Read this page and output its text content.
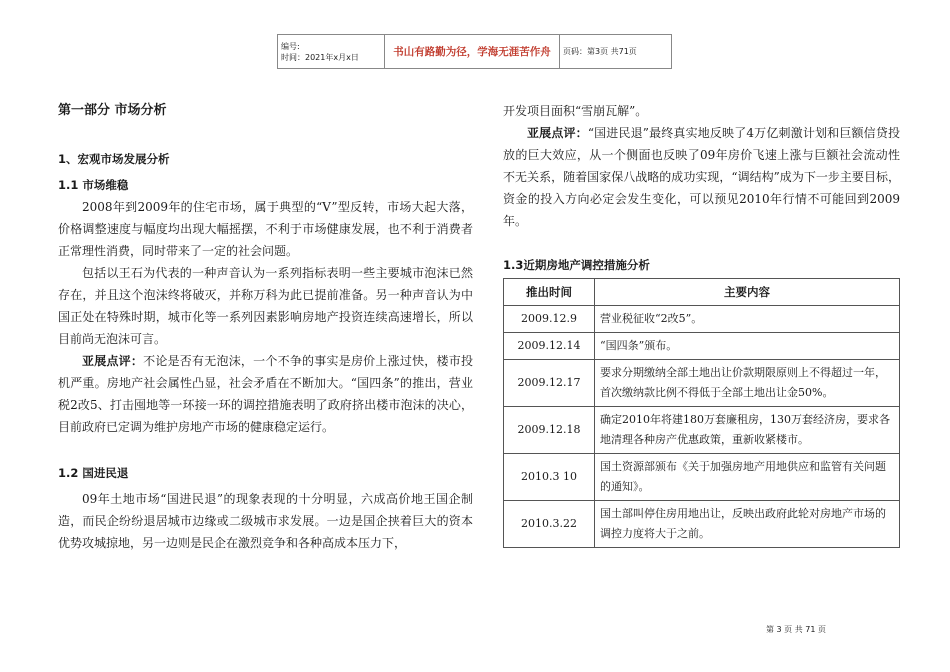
编号:
时间：2021年x月x日	书山有路勤为径，学海无涯苦作舟	页码：第3页 共71页

第一部分 市场分析

1、宏观市场发展分析

1.1 市场维稳

2008年到2009年的住宅市场，属于典型的“V”型反转，市场大起大落，价格调整速度与幅度均出现大幅摇摆，不利于市场健康发展，也不利于消费者正常理性消费，同时带来了一定的社会问题。

包括以王石为代表的一种声音认为一系列指标表明一些主要城市泡沫已然存在，并且这个泡沫终将破灭，并称万科为此已提前准备。另一种声音认为中国正处在特殊时期，城市化等一系列因素影响房地产投资连续高速增长，所以目前尚无泡沫可言。

亚展点评：不论是否有无泡沫，一个不争的事实是房价上涨过快，楼市投机严重。房地产社会属性凸显，社会矛盾在不断加大。“国四条”的推出，营业税2改5、打击囤地等一环接一环的调控措施表明了政府挤出楼市泡沫的决心，目前政府已定调为维护房地产市场的健康稳定运行。

1.2 国进民退

09年土地市场“国进民退”的现象表现的十分明显，六成高价地王国企制造，而民企纷纷退居城市边缘或二级城市求发展。一边是国企挟着巨大的资本优势攻城掠地，另一边则是民企在激烈竞争和各种高成本压力下，

开发项目面积“雪崩瓦解”。

亚展点评：“国进民退”最终真实地反映了4万亿刺激计划和巨额信贷投放的巨大效应，从一个侧面也反映了09年房价飞速上涨与巨额社会流动性不无关系，随着国家保八战略的成功实现，“调结构”成为下一步主要目标，资金的投入方向必定会发生变化，可以预见2010年行情不可能回到2009年。

1.3近期房地产调控措施分析

推出时间	主要内容
2009.12.9	营业税征收“2改5”。
2009.12.14	“国四条”颁布。
2009.12.17	要求分期缴纳全部土地出让价款期限原则上不得超过一年，首次缴纳款比例不得低于全部土地出让金50%。
2009.12.18	确定2010年将建180万套廉租房，130万套经济房，要求各地清理各种房产优惠政策，重新收紧楼市。
2010.3 10	国土资源部颁布《关于加强房地产用地供应和监管有关问题的通知》。
2010.3.22	国土部叫停住房用地出让，反映出政府此轮对房地产市场的调控力度将大于之前。
第 3 页 共 71 页
